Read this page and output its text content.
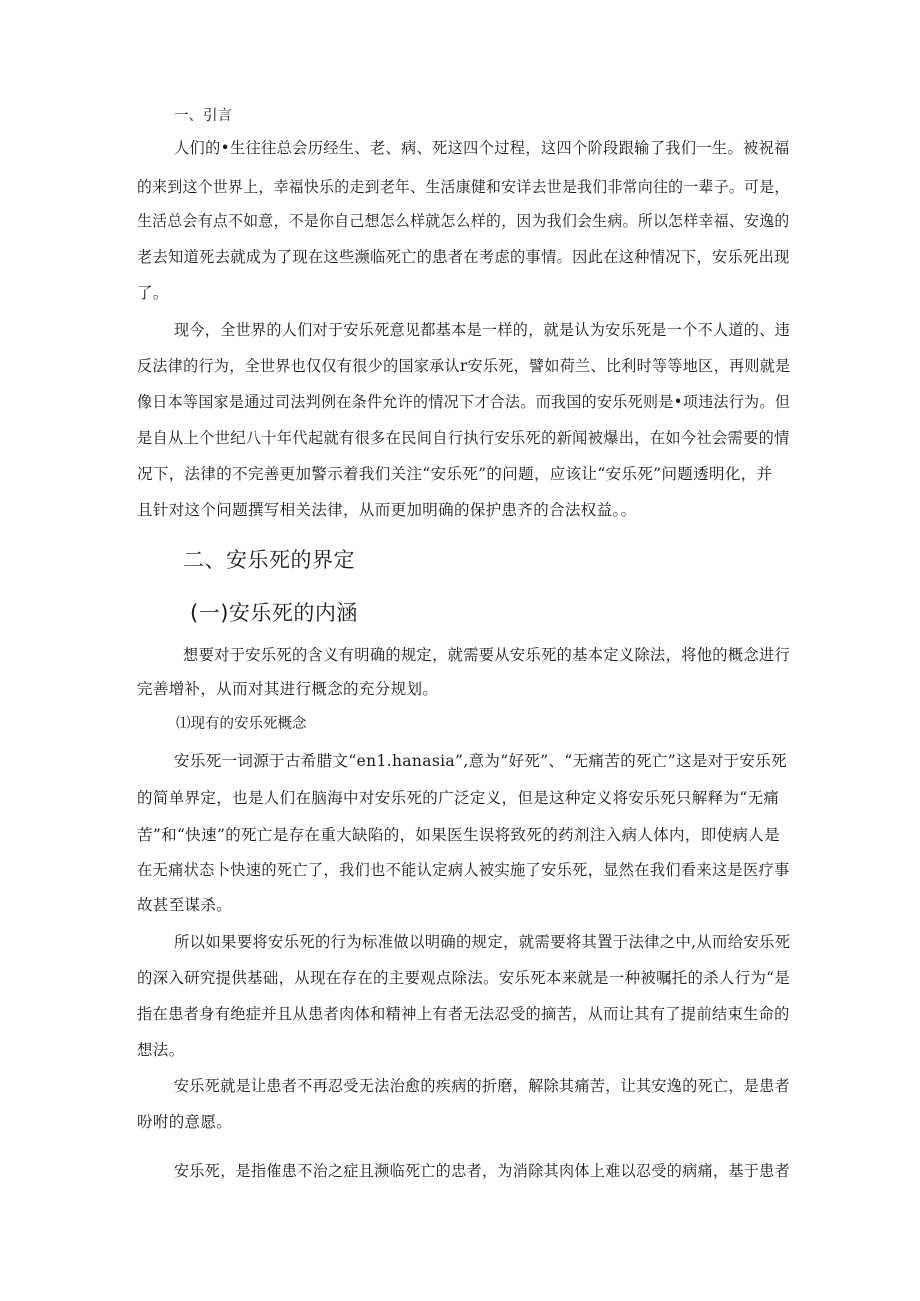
一、引言
人们的•生往往总会历经生、老、病、死这四个过程，这四个阶段跟输了我们一生。被祝福
的来到这个世界上，幸福快乐的走到老年、生活康健和安详去世是我们非常向往的一辈子。可是，
生活总会有点不如意，不是你自己想怎么样就怎么样的，因为我们会生病。所以怎样幸福、安逸的
老去知道死去就成为了现在这些濒临死亡的患者在考虑的事情。因此在这种情况下，安乐死出现
了。
现今，全世界的人们对于安乐死意见都基本是一样的，就是认为安乐死是一个不人道的、违
反法律的行为，全世界也仅仅有很少的国家承认r安乐死，譬如荷兰、比利时等等地区，再则就是
像日本等国家是通过司法判例在条件允许的情况下才合法。而我国的安乐死则是•项违法行为。但
是自从上个世纪八十年代起就有很多在民间自行执行安乐死的新闻被爆出，在如今社会需要的情
况下，法律的不完善更加警示着我们关注“安乐死”的问题，应该让“安乐死”问题透明化，并
且针对这个问题撰写相关法律，从而更加明确的保护患齐的合法权益。。
二、安乐死的界定
(一)安乐死的内涵
想要对于安乐死的含义有明确的规定，就需要从安乐死的基本定义除法，将他的概念进行
完善增补，从而对其进行概念的充分规划。
⑴现有的安乐死概念
安乐死一词源于古希腊文“en1.hanasia”,意为“好死”、“无痛苦的死亡”这是对于安乐死
的简单界定，也是人们在脑海中对安乐死的广泛定义，但是这种定义将安乐死只解释为“无痛
苦”和“快速”的死亡是存在重大缺陷的，如果医生误将致死的药剂注入病人体内，即使病人是
在无痛状态卜快速的死亡了，我们也不能认定病人被实施了安乐死，显然在我们看来这是医疗事
故甚至谋杀。
所以如果要将安乐死的行为标准做以明确的规定，就需要将其置于法律之中,从而给安乐死
的深入研究提供基础，从现在存在的主要观点除法。安乐死本来就是一种被嘱托的杀人行为“是
指在患者身有绝症并且从患者肉体和精神上有者无法忍受的摘苦，从而让其有了提前结束生命的
想法。
安乐死就是让患者不再忍受无法治愈的疾病的折磨，解除其痛苦，让其安逸的死亡，是患者
吩咐的意愿。
安乐死，是指傕患不治之症且濒临死亡的忠者，为消除其肉体上难以忍受的病痛，基于患者
